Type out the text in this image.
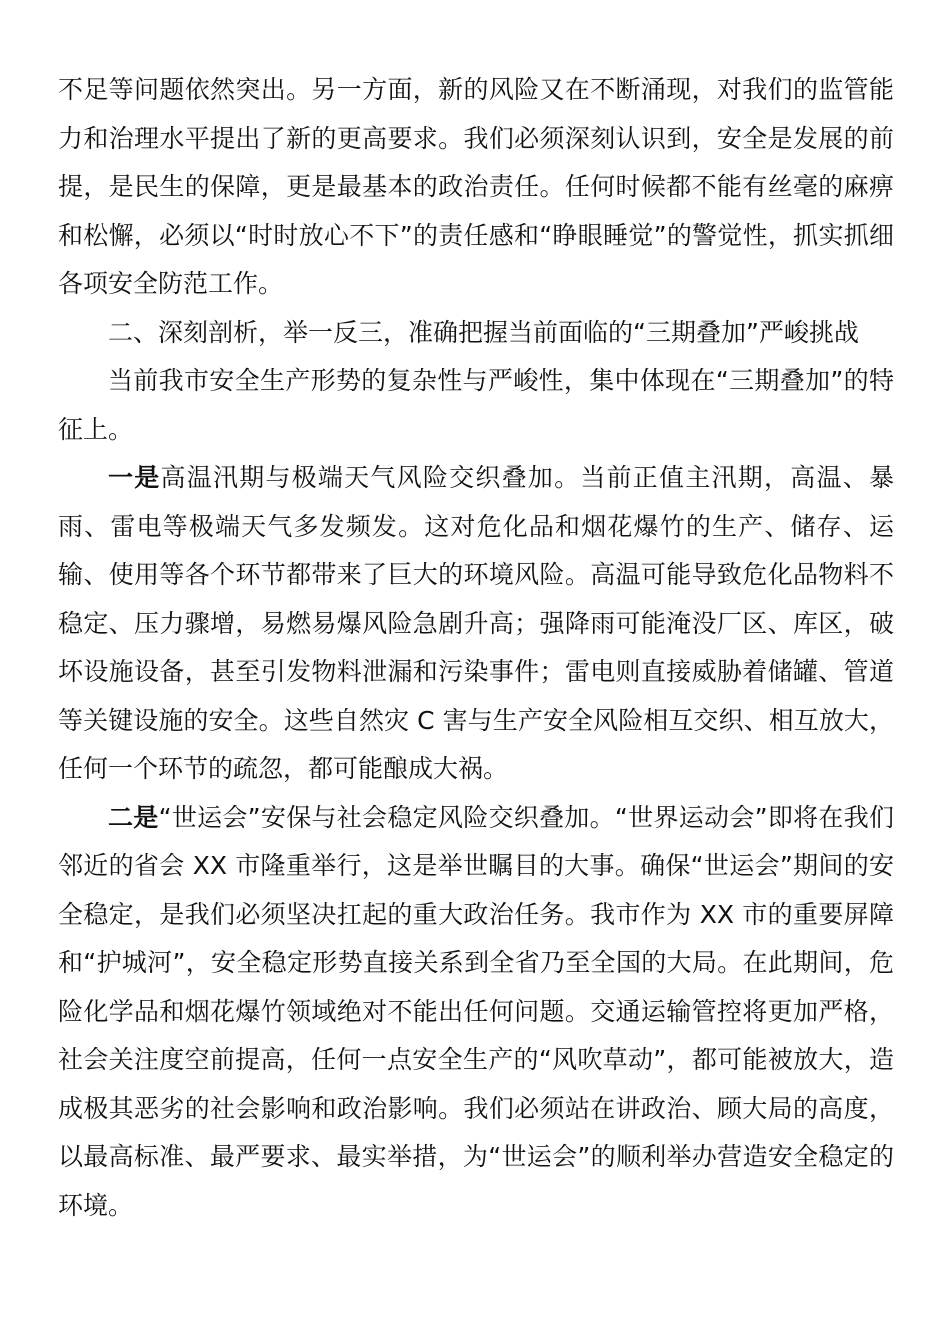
不足等问题依然突出。另一方面，新的风险又在不断涌现，对我们的监管能力和治理水平提出了新的更高要求。我们必须深刻认识到，安全是发展的前提，是民生的保障，更是最基本的政治责任。任何时候都不能有丝毫的麻痹和松懈，必须以“时时放心不下”的责任感和“睁眼睡觉”的警觉性，抓实抓细各项安全防范工作。

二、深刻剖析，举一反三，准确把握当前面临的“三期叠加”严峻挑战

当前我市安全生产形势的复杂性与严峻性，集中体现在“三期叠加”的特征上。

一是高温汛期与极端天气风险交织叠加。当前正值主汛期，高温、暴雨、雷电等极端天气多发频发。这对危化品和烟花爆竹的生产、储存、运输、使用等各个环节都带来了巨大的环境风险。高温可能导致危化品物料不稳定、压力骤增，易燃易爆风险急剧升高；强降雨可能淹没厂区、库区，破坏设施设备，甚至引发物料泄漏和污染事件；雷电则直接威胁着储罐、管道等关键设施的安全。这些自然灾 C 害与生产安全风险相互交织、相互放大，任何一个环节的疏忽，都可能酿成大祸。

二是“世运会”安保与社会稳定风险交织叠加。“世界运动会”即将在我们邻近的省会 XX 市隆重举行，这是举世瞩目的大事。确保“世运会”期间的安全稳定，是我们必须坚决扛起的重大政治任务。我市作为 XX 市的重要屏障和“护城河”，安全稳定形势直接关系到全省乃至全国的大局。在此期间，危险化学品和烟花爆竹领域绝对不能出任何问题。交通运输管控将更加严格，社会关注度空前提高，任何一点安全生产的“风吹草动”，都可能被放大，造成极其恶劣的社会影响和政治影响。我们必须站在讲政治、顾大局的高度，以最高标准、最严要求、最实举措，为“世运会”的顺利举办营造安全稳定的环境。
